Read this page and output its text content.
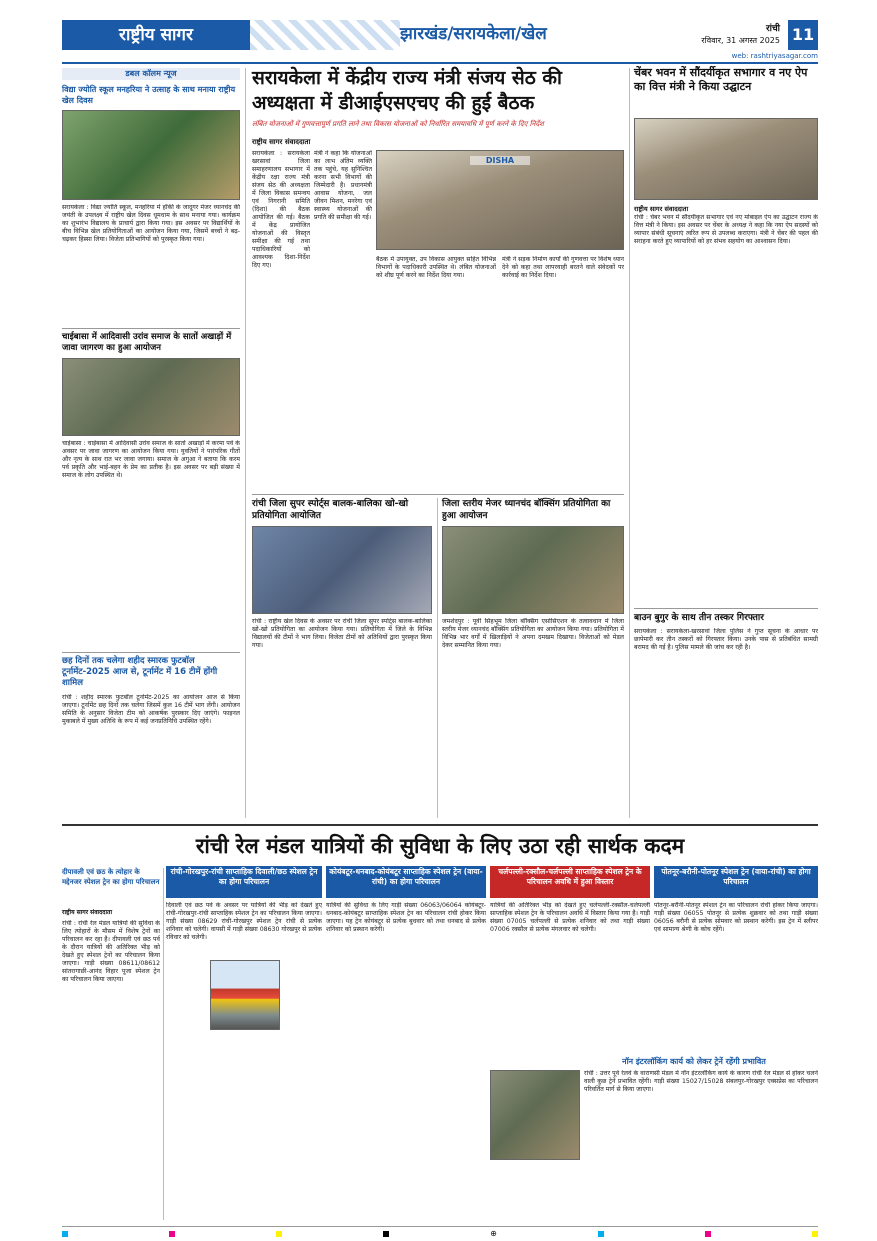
राष्ट्रीय सागर	झारखंड/सरायकेला/खेल	रांची
रविवार, 31 अगस्त 2025 11
web: rashtriyasagar.com
डबल कॉलम न्यूज
विद्या ज्योति स्कूल मनहरिया ने उत्साह के साथ मनाया राष्ट्रीय खेल दिवस
सरायकेला : विद्या ज्योति स्कूल, मनहरिया में हॉकी के जादूगर मेजर ध्यानचंद की जयंती के उपलक्ष्य में राष्ट्रीय खेल दिवस धूमधाम के साथ मनाया गया। कार्यक्रम का शुभारंभ विद्यालय के प्राचार्य द्वारा किया गया। इस अवसर पर विद्यार्थियों के बीच विभिन्न खेल प्रतियोगिताओं का आयोजन किया गया, जिसमें बच्चों ने बढ़-चढ़कर हिस्सा लिया। विजेता प्रतिभागियों को पुरस्कृत किया गया।
चाईबासा में आदिवासी उरांव समाज के सातों अखाड़ों में जावा जागरण का हुआ आयोजन
चाईबासा : चाईबासा में आदिवासी उरांव समाज के सातों अखाड़ों में करमा पर्व के अवसर पर जावा जागरण का आयोजन किया गया। युवतियों ने पारंपरिक गीतों और नृत्य के साथ रात भर जावा जगाया। समाज के अगुआ ने बताया कि करम पर्व प्रकृति और भाई-बहन के प्रेम का प्रतीक है। इस अवसर पर बड़ी संख्या में समाज के लोग उपस्थित थे।
छह दिनों तक चलेगा शहीद स्मारक फुटबॉल टूर्नामेंट-2025 आज से, टूर्नामेंट में 16 टीमें होंगी शामिल
रांची : शहीद स्मारक फुटबॉल टूर्नामेंट-2025 का आयोजन आज से किया जाएगा। टूर्नामेंट छह दिनों तक चलेगा जिसमें कुल 16 टीमें भाग लेंगी। आयोजन समिति के अनुसार विजेता टीम को आकर्षक पुरस्कार दिए जाएंगे। फाइनल मुकाबले में मुख्य अतिथि के रूप में कई जनप्रतिनिधि उपस्थित रहेंगे।
सरायकेला में केंद्रीय राज्य मंत्री संजय सेठ की अध्यक्षता में डीआईएसएचए की हुई बैठक
लंबित योजनाओं में गुणवत्तापूर्ण प्रगति लाने तथा विकास योजनाओं को निर्धारित समयावधि में पूर्ण करने के दिए निर्देश
राष्ट्रीय सागर संवाददाता
DISHA
सरायकेला : सरायकेला खरसावां जिला समाहरणालय सभागार में केंद्रीय रक्षा राज्य मंत्री संजय सेठ की अध्यक्षता में जिला विकास समन्वय एवं निगरानी समिति (दिशा) की बैठक आयोजित की गई। बैठक में केंद्र प्रायोजित योजनाओं की विस्तृत समीक्षा की गई तथा पदाधिकारियों को आवश्यक दिशा-निर्देश दिए गए।
मंत्री ने कहा कि योजनाओं का लाभ अंतिम व्यक्ति तक पहुंचे, यह सुनिश्चित करना सभी विभागों की जिम्मेदारी है। प्रधानमंत्री आवास योजना, जल जीवन मिशन, मनरेगा एवं स्वास्थ्य योजनाओं की प्रगति की समीक्षा की गई।
बैठक में उपायुक्त, उप विकास आयुक्त सहित विभिन्न विभागों के पदाधिकारी उपस्थित थे। लंबित योजनाओं को शीघ्र पूर्ण करने का निर्देश दिया गया।
मंत्री ने सड़क निर्माण कार्यों की गुणवत्ता पर विशेष ध्यान देने को कहा तथा लापरवाही बरतने वाले संवेदकों पर कार्रवाई का निर्देश दिया।
रांची जिला सुपर स्पोर्ट्स बालक-बालिका खो-खो प्रतियोगिता आयोजित
रांची : राष्ट्रीय खेल दिवस के अवसर पर रांची जिला सुपर स्पोर्ट्स बालक-बालिका खो-खो प्रतियोगिता का आयोजन किया गया। प्रतियोगिता में जिले के विभिन्न विद्यालयों की टीमों ने भाग लिया। विजेता टीमों को अतिथियों द्वारा पुरस्कृत किया गया।
जिला स्तरीय मेजर ध्यानचंद बॉक्सिंग प्रतियोगिता का हुआ आयोजन
जमशेदपुर : पूर्वी सिंहभूम जिला बॉक्सिंग एसोसिएशन के तत्वावधान में जिला स्तरीय मेजर ध्यानचंद बॉक्सिंग प्रतियोगिता का आयोजन किया गया। प्रतियोगिता में विभिन्न भार वर्गों में खिलाड़ियों ने अपना दमखम दिखाया। विजेताओं को मेडल देकर सम्मानित किया गया।
चेंबर भवन में सौंदर्यीकृत सभागार व नए ऐप का वित्त मंत्री ने किया उद्घाटन
राष्ट्रीय सागर संवाददाता
रांची : चेंबर भवन में सौंदर्यीकृत सभागार एवं नए मोबाइल ऐप का उद्घाटन राज्य के वित्त मंत्री ने किया। इस अवसर पर चेंबर के अध्यक्ष ने कहा कि नया ऐप सदस्यों को व्यापार संबंधी सूचनाएं त्वरित रूप से उपलब्ध कराएगा। मंत्री ने चेंबर की पहल की सराहना करते हुए व्यापारियों को हर संभव सहयोग का आश्वासन दिया।
बाउन बुगुर के साथ तीन तस्कर गिरफ्तार
सरायकेला : सरायकेला-खरसावां जिला पुलिस ने गुप्त सूचना के आधार पर छापेमारी कर तीन तस्करों को गिरफ्तार किया। उनके पास से प्रतिबंधित सामग्री बरामद की गई है। पुलिस मामले की जांच कर रही है।
रांची रेल मंडल यात्रियों की सुविधा के लिए उठा रही सार्थक कदम
दीपावली एवं छठ के त्योहार के मद्देनजर स्पेशल ट्रेन का होगा परिचालन
राष्ट्रीय सागर संवाददाता
रांची : रांची रेल मंडल यात्रियों की सुविधा के लिए त्योहारों के मौसम में विशेष ट्रेनों का परिचालन कर रहा है। दीपावली एवं छठ पर्व के दौरान यात्रियों की अतिरिक्त भीड़ को देखते हुए स्पेशल ट्रेनों का परिचालन किया जाएगा। गाड़ी संख्या 08611/08612 सांतरागाछी-आनंद विहार पूजा स्पेशल ट्रेन का परिचालन किया जाएगा।
रांची-गोरखपुर-रांची साप्ताहिक दिवाली/छठ स्पेशल ट्रेन का होगा परिचालन
दिवाली एवं छठ पर्व के अवसर पर यात्रियों की भीड़ को देखते हुए रांची-गोरखपुर-रांची साप्ताहिक स्पेशल ट्रेन का परिचालन किया जाएगा। गाड़ी संख्या 08629 रांची-गोरखपुर स्पेशल ट्रेन रांची से प्रत्येक शनिवार को चलेगी। वापसी में गाड़ी संख्या 08630 गोरखपुर से प्रत्येक रविवार को चलेगी।
कोयंबटूर-धनबाद-कोयंबटूर साप्ताहिक स्पेशल ट्रेन (वाया-रांची) का होगा परिचालन
यात्रियों की सुविधा के लिए गाड़ी संख्या 06063/06064 कोयंबटूर-धनबाद-कोयंबटूर साप्ताहिक स्पेशल ट्रेन का परिचालन रांची होकर किया जाएगा। यह ट्रेन कोयंबटूर से प्रत्येक बुधवार को तथा धनबाद से प्रत्येक शनिवार को प्रस्थान करेगी।
चर्लपल्ली-रक्सौल-चर्लपल्ली साप्ताहिक स्पेशल ट्रेन के परिचालन अवधि में हुआ विस्तार
यात्रियों की अतिरिक्त भीड़ को देखते हुए चर्लपल्ली-रक्सौल-चर्लपल्ली साप्ताहिक स्पेशल ट्रेन के परिचालन अवधि में विस्तार किया गया है। गाड़ी संख्या 07005 चर्लपल्ली से प्रत्येक शनिवार को तथा गाड़ी संख्या 07006 रक्सौल से प्रत्येक मंगलवार को चलेगी।
पोतनूर-बरौनी-पोतनूर स्पेशल ट्रेन (वाया-रांची) का होगा परिचालन
पोतनूर-बरौनी-पोतनूर स्पेशल ट्रेन का परिचालन रांची होकर किया जाएगा। गाड़ी संख्या 06055 पोतनूर से प्रत्येक शुक्रवार को तथा गाड़ी संख्या 06056 बरौनी से प्रत्येक सोमवार को प्रस्थान करेगी। इस ट्रेन में स्लीपर एवं सामान्य श्रेणी के कोच रहेंगे।
नॉन इंटरलॉकिंग कार्य को लेकर ट्रेनें रहेंगी प्रभावित
रांची : उत्तर पूर्व रेलवे के वाराणसी मंडल में नॉन इंटरलॉकिंग कार्य के कारण रांची रेल मंडल से होकर चलने वाली कुछ ट्रेनें प्रभावित रहेंगी। गाड़ी संख्या 15027/15028 संबलपुर-गोरखपुर एक्सप्रेस का परिचालन परिवर्तित मार्ग से किया जाएगा।
⊕
